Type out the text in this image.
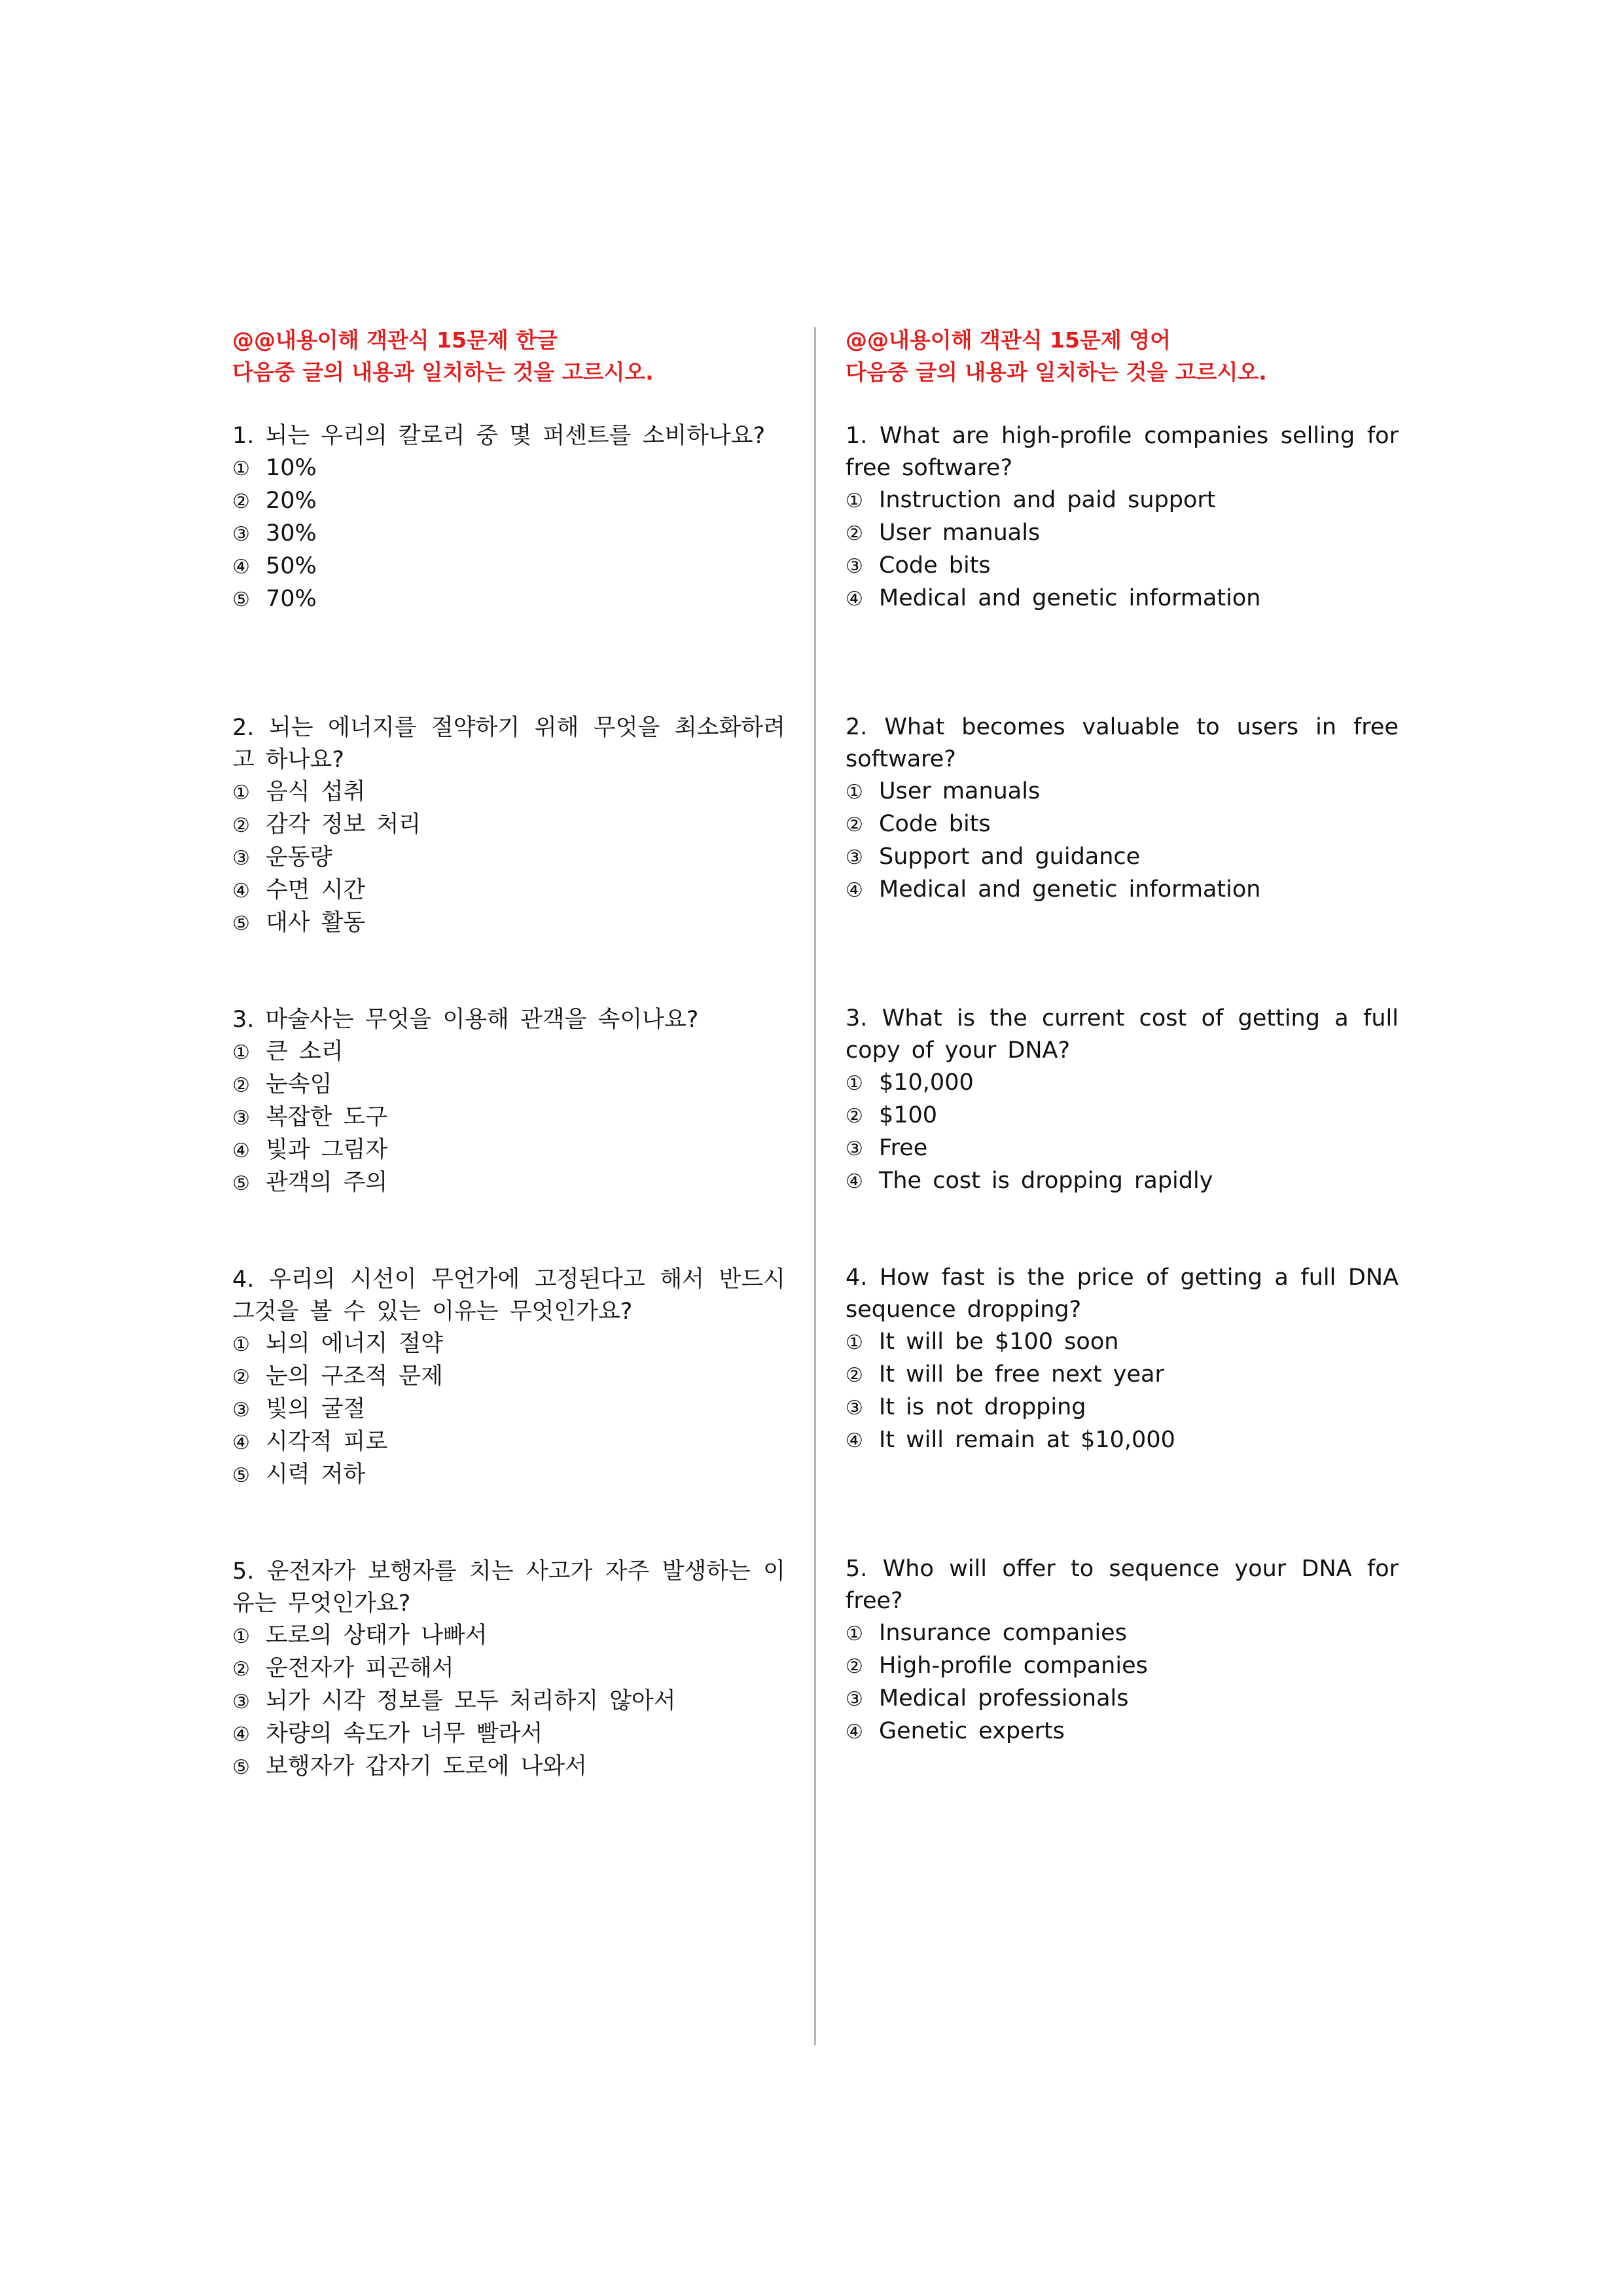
@@내용이해 객관식 15문제 한글
다음중 글의 내용과 일치하는 것을 고르시오.
1. 뇌는 우리의 칼로리 중 몇 퍼센트를 소비하나요?
① 10%
② 20%
③ 30%
④ 50%
⑤ 70%
2. 뇌는 에너지를 절약하기 위해 무엇을 최소화하려고 하나요?
① 음식 섭취
② 감각 정보 처리
③ 운동량
④ 수면 시간
⑤ 대사 활동
3. 마술사는 무엇을 이용해 관객을 속이나요?
① 큰 소리
② 눈속임
③ 복잡한 도구
④ 빛과 그림자
⑤ 관객의 주의
4. 우리의 시선이 무언가에 고정된다고 해서 반드시 그것을 볼 수 있는 이유는 무엇인가요?
① 뇌의 에너지 절약
② 눈의 구조적 문제
③ 빛의 굴절
④ 시각적 피로
⑤ 시력 저하
5. 운전자가 보행자를 치는 사고가 자주 발생하는 이유는 무엇인가요?
① 도로의 상태가 나빠서
② 운전자가 피곤해서
③ 뇌가 시각 정보를 모두 처리하지 않아서
④ 차량의 속도가 너무 빨라서
⑤ 보행자가 갑자기 도로에 나와서
@@내용이해 객관식 15문제 영어
다음중 글의 내용과 일치하는 것을 고르시오.
1. What are high-profile companies selling for free software?
① Instruction and paid support
② User manuals
③ Code bits
④ Medical and genetic information
2. What becomes valuable to users in free software?
① User manuals
② Code bits
③ Support and guidance
④ Medical and genetic information
3. What is the current cost of getting a full copy of your DNA?
① $10,000
② $100
③ Free
④ The cost is dropping rapidly
4. How fast is the price of getting a full DNA sequence dropping?
① It will be $100 soon
② It will be free next year
③ It is not dropping
④ It will remain at $10,000
5. Who will offer to sequence your DNA for free?
① Insurance companies
② High-profile companies
③ Medical professionals
④ Genetic experts
